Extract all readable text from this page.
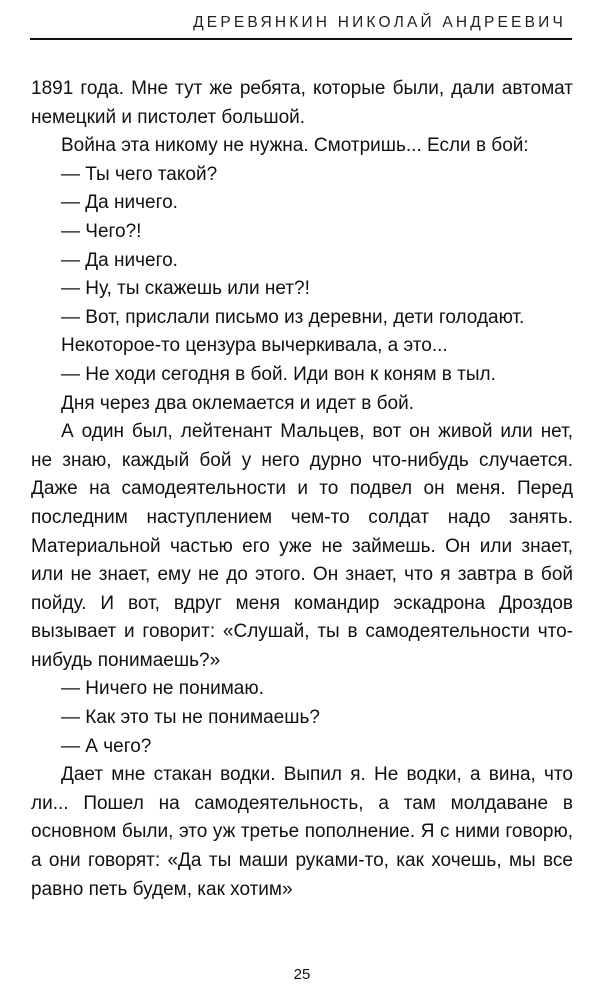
ДЕРЕВЯНКИН НИКОЛАЙ АНДРЕЕВИЧ

1891 года. Мне тут же ребята, которые были, дали автомат немецкий и пистолет большой.

Война эта никому не нужна. Смотришь... Если в бой:

— Ты чего такой?

— Да ничего.

— Чего?!

— Да ничего.

— Ну, ты скажешь или нет?!

— Вот, прислали письмо из деревни, дети голодают.

Некоторое-то цензура вычеркивала, а это...

— Не ходи сегодня в бой. Иди вон к коням в тыл.

Дня через два оклемается и идет в бой.

А один был, лейтенант Мальцев, вот он живой или нет, не знаю, каждый бой у него дурно что-нибудь случается. Даже на самодеятельности и то подвел он меня. Перед последним наступлением чем-то солдат надо занять. Материальной частью его уже не займешь. Он или знает, или не знает, ему не до этого. Он знает, что я завтра в бой пойду. И вот, вдруг меня командир эскадрона Дроздов вызывает и говорит: «Слушай, ты в самодеятельности что-нибудь понимаешь?»

— Ничего не понимаю.

— Как это ты не понимаешь?

— А чего?

Дает мне стакан водки. Выпил я. Не водки, а вина, что ли... Пошел на самодеятельность, а там молдаване в основном были, это уж третье пополнение. Я с ними говорю, а они говорят: «Да ты маши руками-то, как хочешь, мы все равно петь будем, как хотим»

25
